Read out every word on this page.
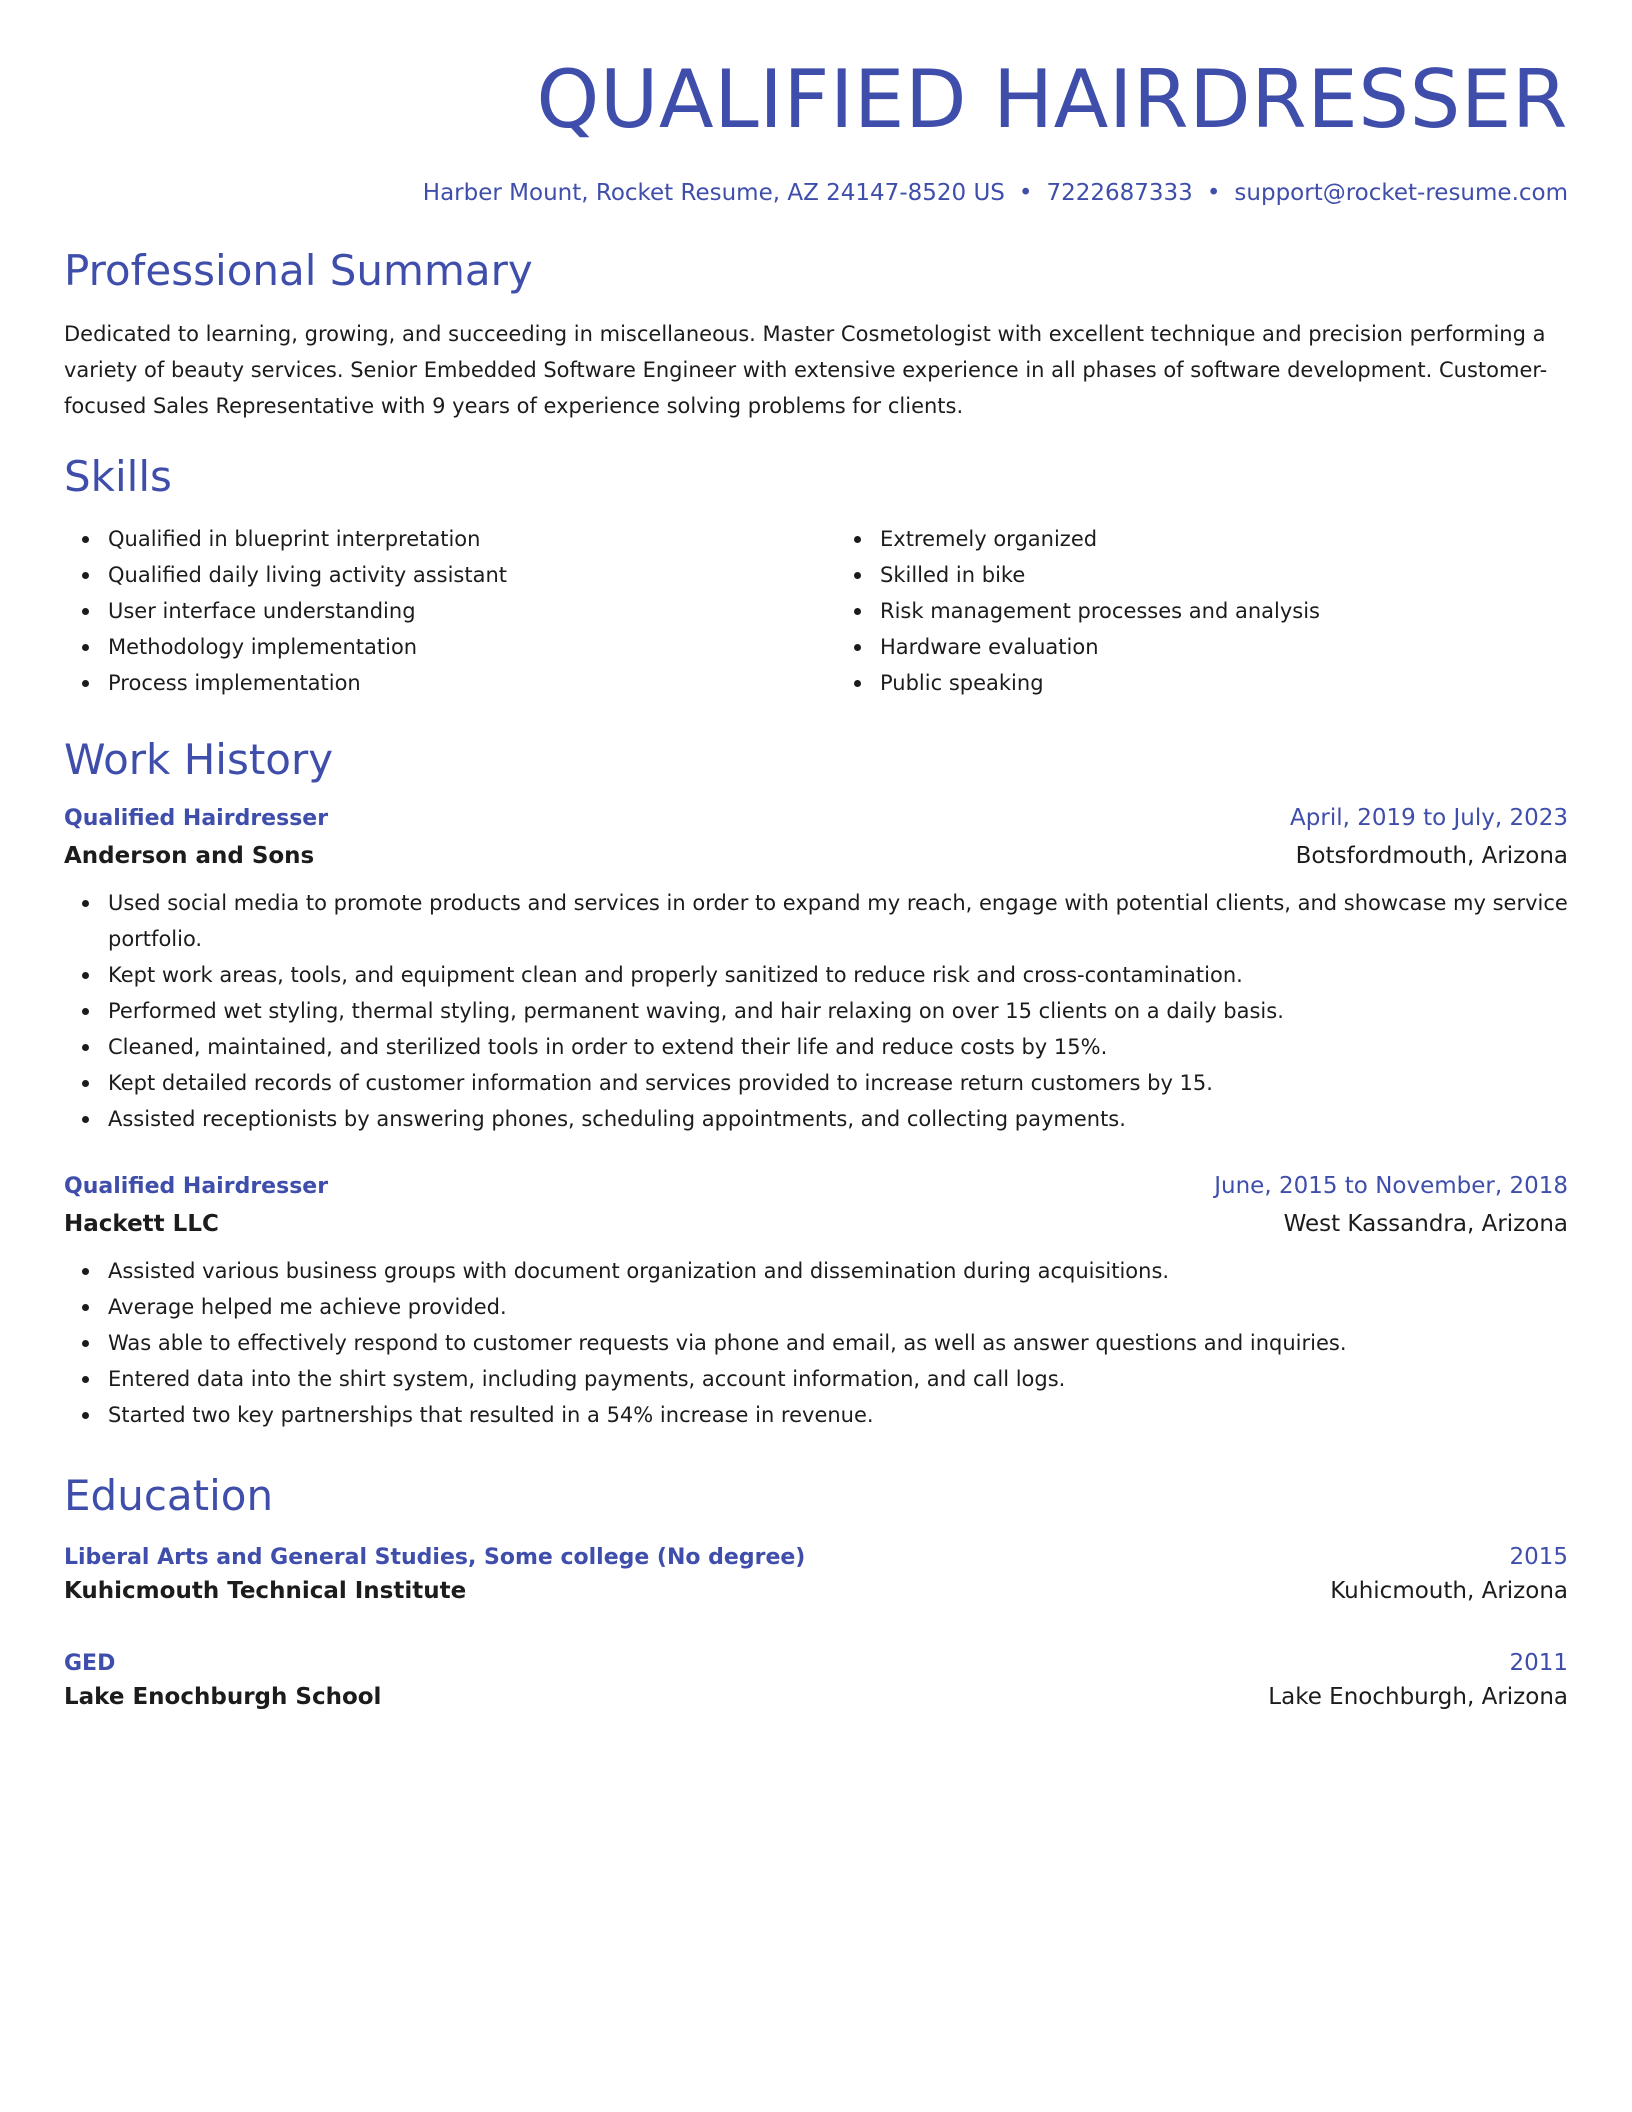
QUALIFIED HAIRDRESSER
Harber Mount, Rocket Resume, AZ 24147-8520 US • 7222687333 • support@rocket-resume.com
Professional Summary

Dedicated to learning, growing, and succeeding in miscellaneous. Master Cosmetologist with excellent technique and precision performing a variety of beauty services. Senior Embedded Software Engineer with extensive experience in all phases of software development. Customer-focused Sales Representative with 9 years of experience solving problems for clients.

Skills
Qualified in blueprint interpretation
Qualified daily living activity assistant
User interface understanding
Methodology implementation
Process implementation
Extremely organized
Skilled in bike
Risk management processes and analysis
Hardware evaluation
Public speaking
Work History
Qualified Hairdresser	April, 2019 to July, 2023
Anderson and Sons	Botsfordmouth, Arizona
Used social media to promote products and services in order to expand my reach, engage with potential clients, and showcase my service portfolio.
Kept work areas, tools, and equipment clean and properly sanitized to reduce risk and cross-contamination.
Performed wet styling, thermal styling, permanent waving, and hair relaxing on over 15 clients on a daily basis.
Cleaned, maintained, and sterilized tools in order to extend their life and reduce costs by 15%.
Kept detailed records of customer information and services provided to increase return customers by 15.
Assisted receptionists by answering phones, scheduling appointments, and collecting payments.
Qualified Hairdresser	June, 2015 to November, 2018
Hackett LLC	West Kassandra, Arizona
Assisted various business groups with document organization and dissemination during acquisitions.
Average helped me achieve provided.
Was able to effectively respond to customer requests via phone and email, as well as answer questions and inquiries.
Entered data into the shirt system, including payments, account information, and call logs.
Started two key partnerships that resulted in a 54% increase in revenue.
Education
Liberal Arts and General Studies, Some college (No degree)	2015
Kuhicmouth Technical Institute	Kuhicmouth, Arizona
GED	2011
Lake Enochburgh School	Lake Enochburgh, Arizona
